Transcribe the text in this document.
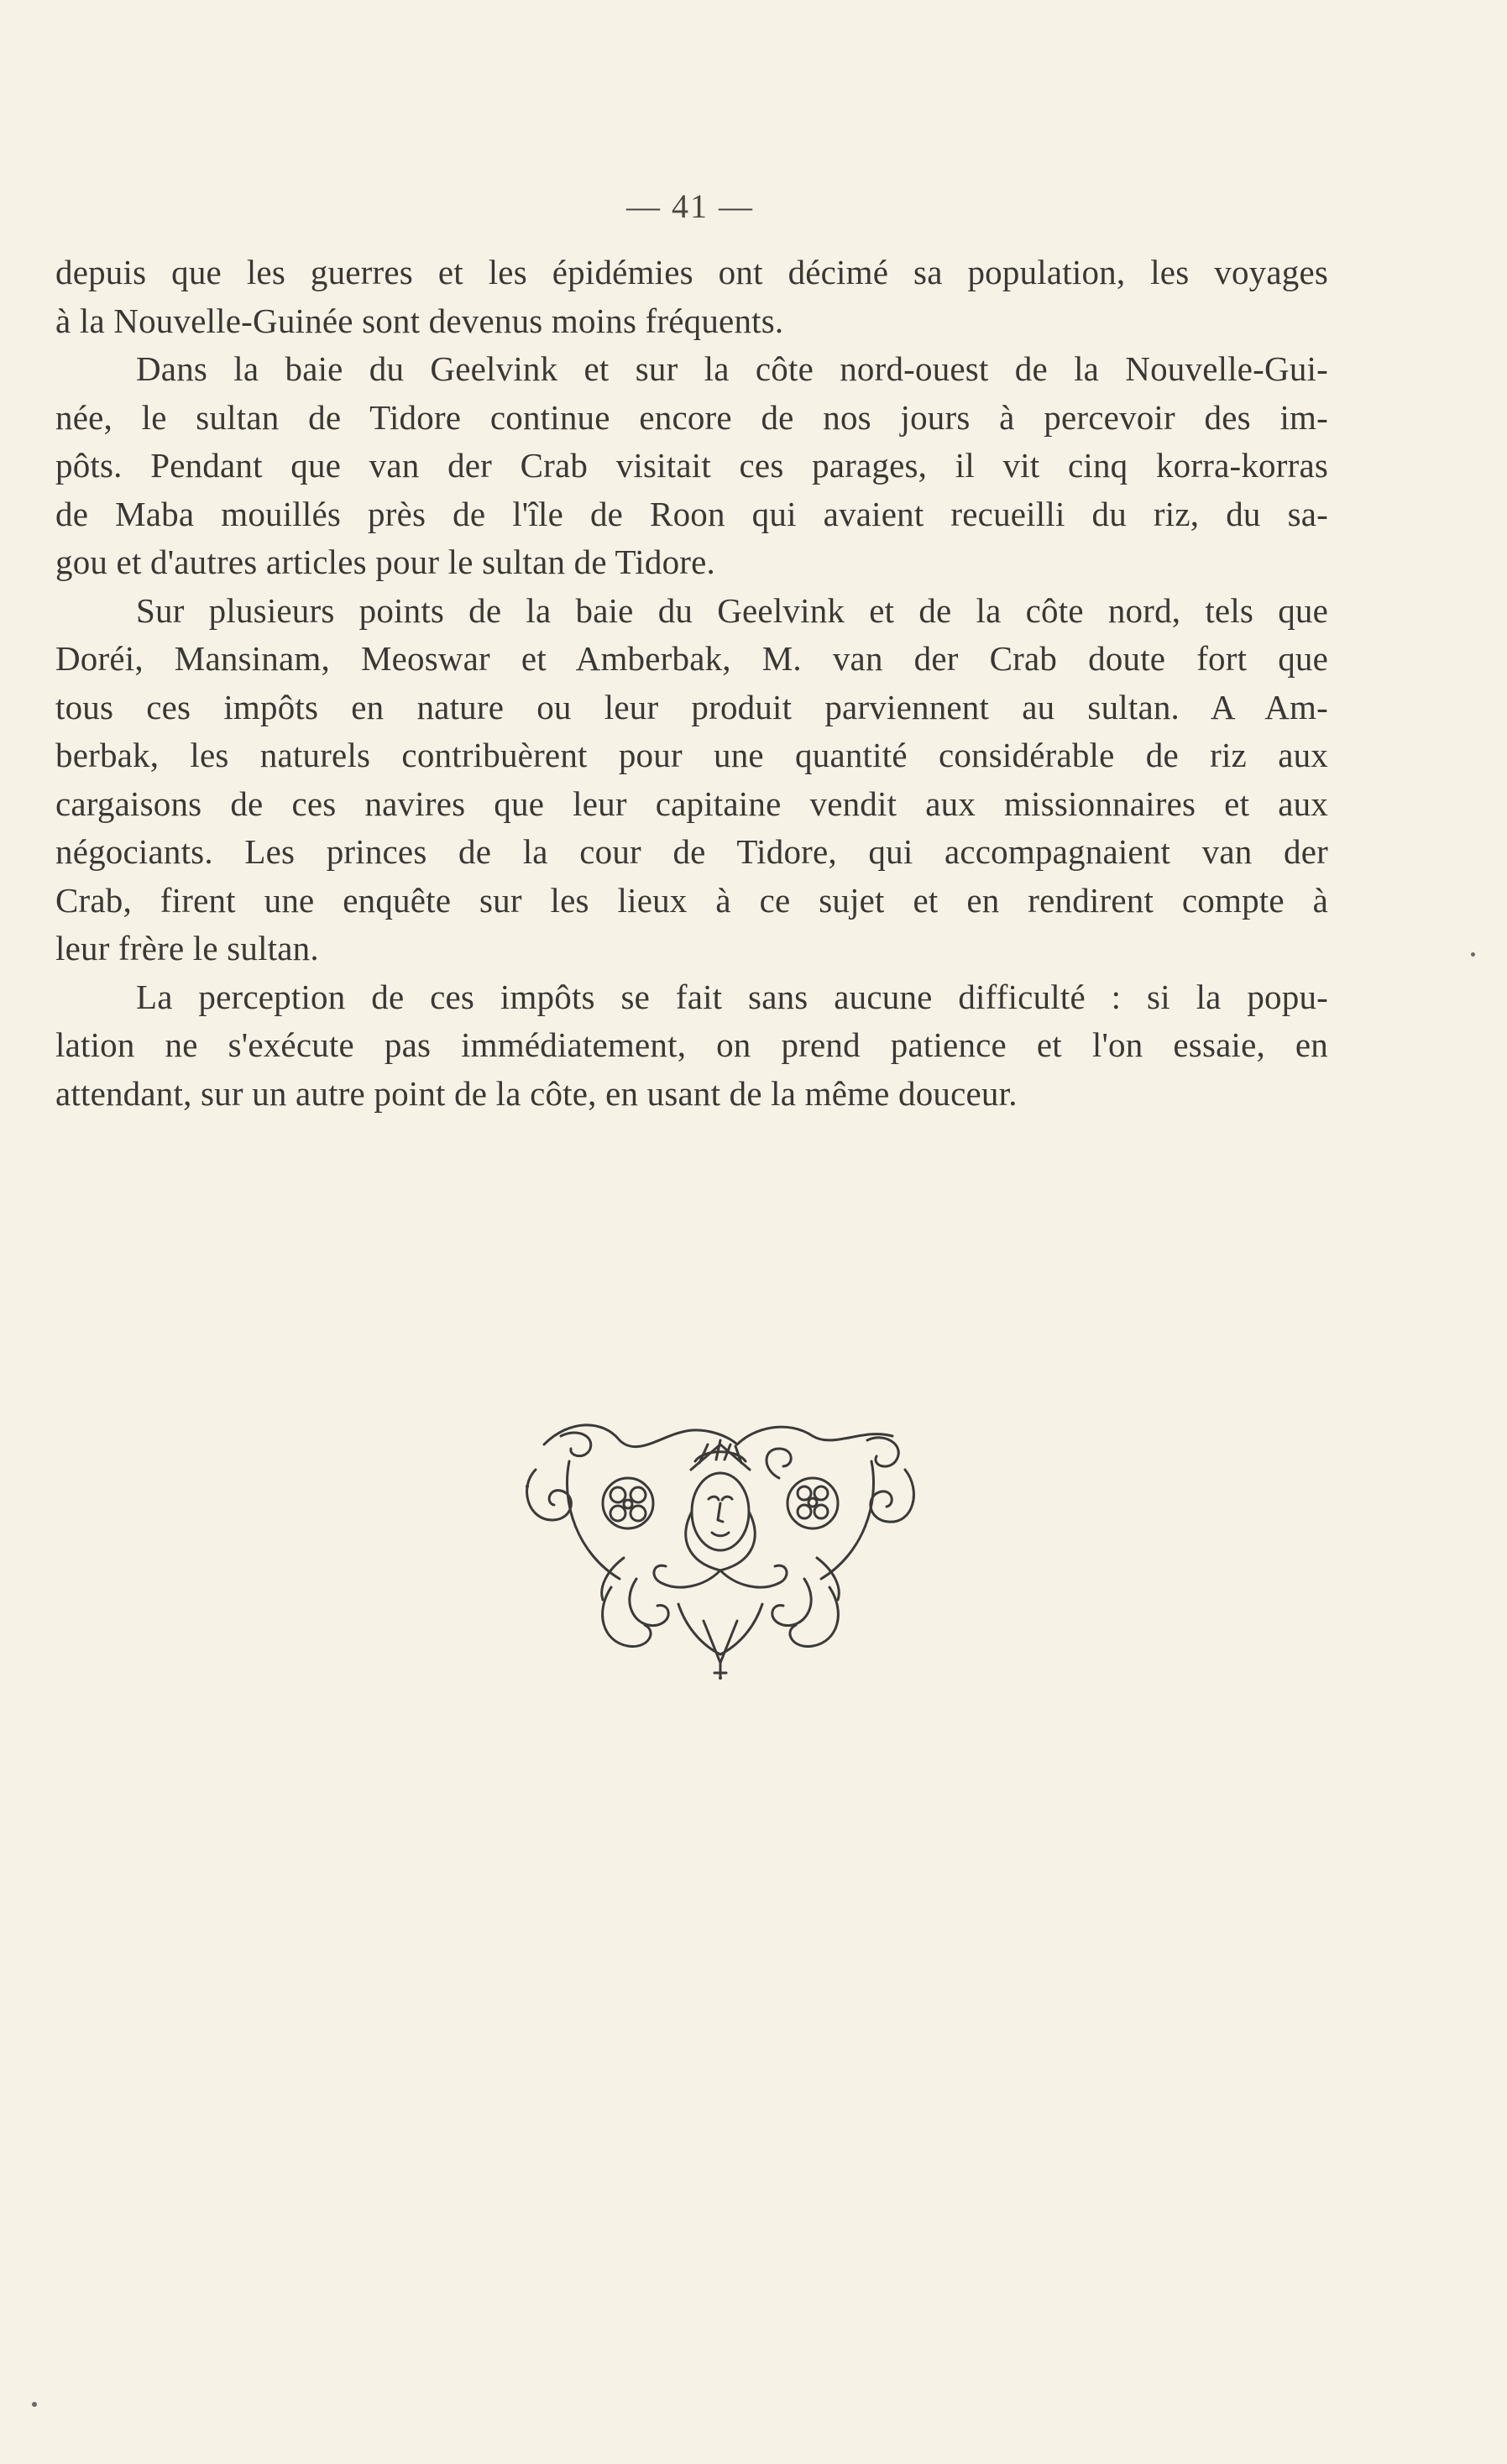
— 41 —

depuis que les guerres et les épidémies ont décimé sa population, les voyages
à la Nouvelle-Guinée sont devenus moins fréquents.

Dans la baie du Geelvink et sur la côte nord-ouest de la Nouvelle-Gui-
née, le sultan de Tidore continue encore de nos jours à percevoir des im-
pôts. Pendant que van der Crab visitait ces parages, il vit cinq korra-korras
de Maba mouillés près de l'île de Roon qui avaient recueilli du riz, du sa-
gou et d'autres articles pour le sultan de Tidore.

Sur plusieurs points de la baie du Geelvink et de la côte nord, tels que
Doréi, Mansinam, Meoswar et Amberbak, M. van der Crab doute fort que
tous ces impôts en nature ou leur produit parviennent au sultan. A Am-
berbak, les naturels contribuèrent pour une quantité considérable de riz aux
cargaisons de ces navires que leur capitaine vendit aux missionnaires et aux
négociants. Les princes de la cour de Tidore, qui accompagnaient van der
Crab, firent une enquête sur les lieux à ce sujet et en rendirent compte à
leur frère le sultan.

La perception de ces impôts se fait sans aucune difficulté : si la popu-
lation ne s'exécute pas immédiatement, on prend patience et l'on essaie, en
attendant, sur un autre point de la côte, en usant de la même douceur.
